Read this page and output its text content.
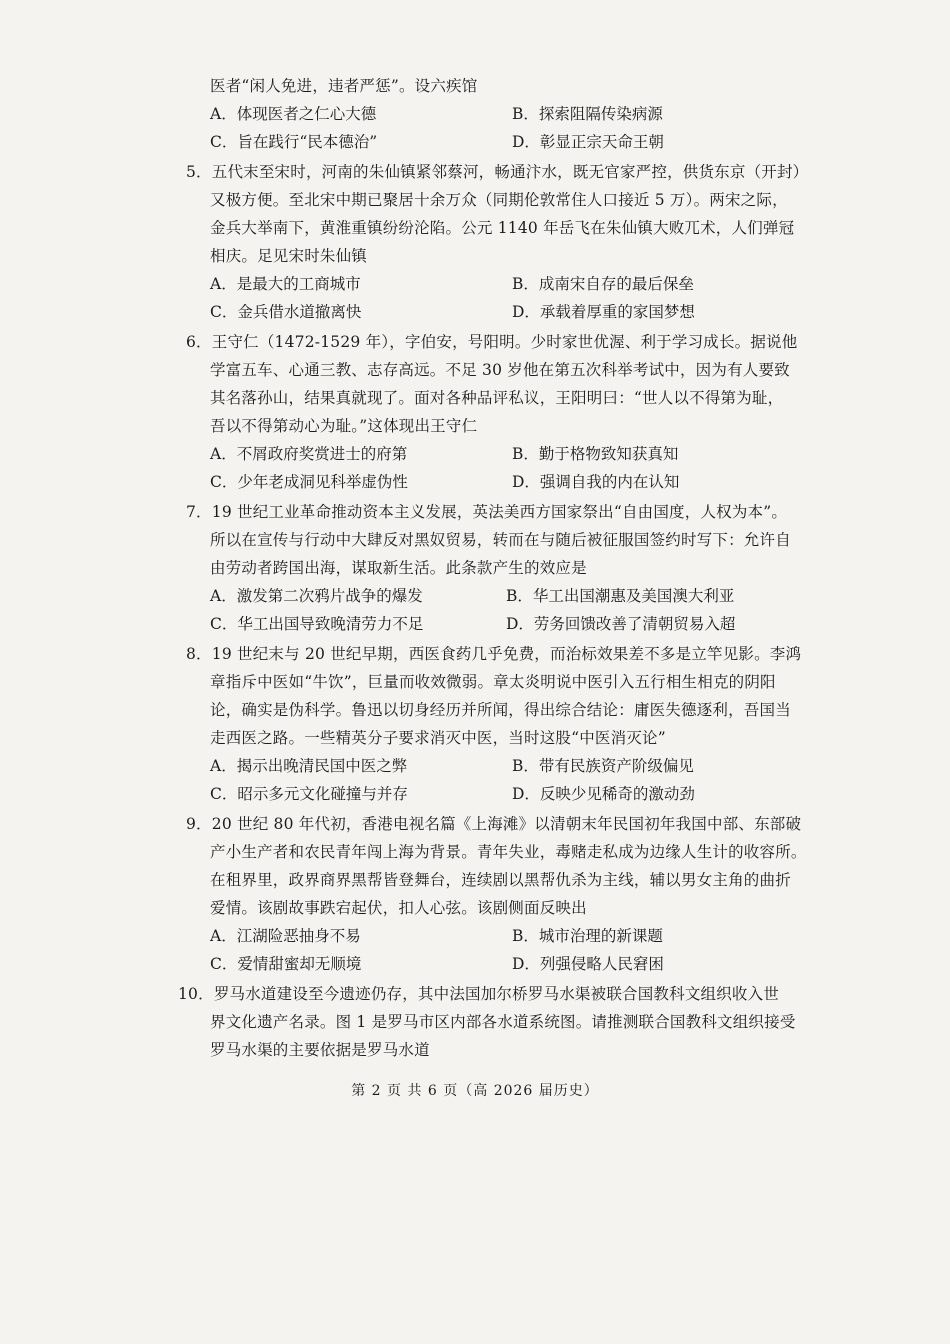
医者“闲人免进，违者严惩”。设六疾馆
A．体现医者之仁心大德	B．探索阻隔传染病源
C．旨在践行“民本德治”	D．彰显正宗天命王朝
5．五代末至宋时，河南的朱仙镇紧邻蔡河，畅通汴水，既无官家严控，供货东京（开封）
又极方便。至北宋中期已聚居十余万众（同期伦敦常住人口接近 5 万）。两宋之际，
金兵大举南下，黄淮重镇纷纷沦陷。公元 1140 年岳飞在朱仙镇大败兀术，人们弹冠
相庆。足见宋时朱仙镇
A．是最大的工商城市	B．成南宋自存的最后保垒
C．金兵借水道撤离快	D．承载着厚重的家国梦想
6．王守仁（1472-1529 年），字伯安，号阳明。少时家世优渥、利于学习成长。据说他
学富五车、心通三教、志存高远。不足 30 岁他在第五次科举考试中，因为有人要致
其名落孙山，结果真就现了。面对各种品评私议，王阳明曰：“世人以不得第为耻，
吾以不得第动心为耻。”这体现出王守仁
A．不屑政府奖赏进士的府第	B．勤于格物致知获真知
C．少年老成洞见科举虚伪性	D．强调自我的内在认知
7．19 世纪工业革命推动资本主义发展，英法美西方国家祭出“自由国度，人权为本”。
所以在宣传与行动中大肆反对黑奴贸易，转而在与随后被征服国签约时写下：允许自
由劳动者跨国出海，谋取新生活。此条款产生的效应是
A．激发第二次鸦片战争的爆发	B．华工出国潮惠及美国澳大利亚
C．华工出国导致晚清劳力不足	D．劳务回馈改善了清朝贸易入超
8．19 世纪末与 20 世纪早期，西医食药几乎免费，而治标效果差不多是立竿见影。李鸿
章指斥中医如“牛饮”，巨量而收效微弱。章太炎明说中医引入五行相生相克的阴阳
论，确实是伪科学。鲁迅以切身经历并所闻，得出综合结论：庸医失德逐利，吾国当
走西医之路。一些精英分子要求消灭中医，当时这股“中医消灭论”
A．揭示出晚清民国中医之弊	B．带有民族资产阶级偏见
C．昭示多元文化碰撞与并存	D．反映少见稀奇的激动劲
9．20 世纪 80 年代初，香港电视名篇《上海滩》以清朝末年民国初年我国中部、东部破
产小生产者和农民青年闯上海为背景。青年失业，毒赌走私成为边缘人生计的收容所。
在租界里，政界商界黑帮皆登舞台，连续剧以黑帮仇杀为主线，辅以男女主角的曲折
爱情。该剧故事跌宕起伏，扣人心弦。该剧侧面反映出
A．江湖险恶抽身不易	B．城市治理的新课题
C．爱情甜蜜却无顺境	D．列强侵略人民窘困
10．罗马水道建设至今遗迹仍存，其中法国加尔桥罗马水渠被联合国教科文组织收入世
界文化遗产名录。图 1 是罗马市区内部各水道系统图。请推测联合国教科文组织接受
罗马水渠的主要依据是罗马水道
第 2 页 共 6 页（高 2026 届历史）
